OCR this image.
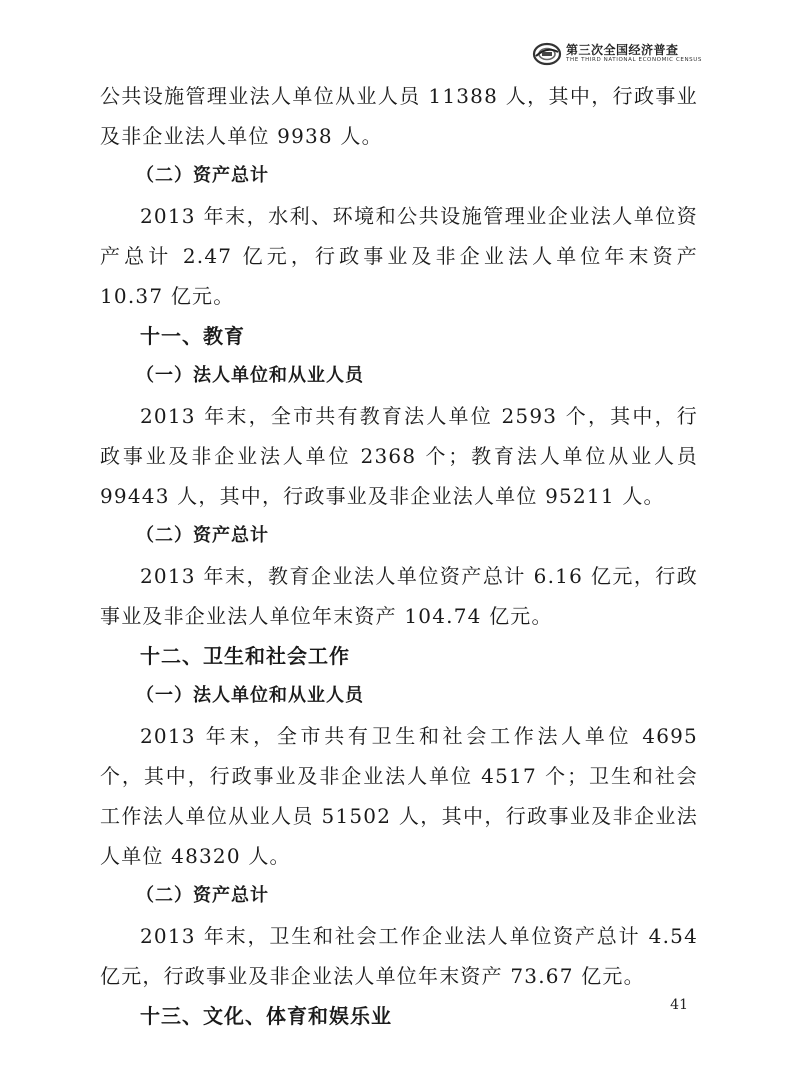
第三次全国经济普查
THE THIRD NATIONAL ECONOMIC CENSUS

公共设施管理业法人单位从业人员 11388 人，其中，行政事业及非企业法人单位 9938 人。

（二）资产总计

2013 年末，水利、环境和公共设施管理业企业法人单位资产总计 2.47 亿元，行政事业及非企业法人单位年末资产 10.37 亿元。

十一、教育
（一）法人单位和从业人员

2013 年末，全市共有教育法人单位 2593 个，其中，行政事业及非企业法人单位 2368 个；教育法人单位从业人员 99443 人，其中，行政事业及非企业法人单位 95211 人。

（二）资产总计

2013 年末，教育企业法人单位资产总计 6.16 亿元，行政事业及非企业法人单位年末资产 104.74 亿元。

十二、卫生和社会工作
（一）法人单位和从业人员

2013 年末，全市共有卫生和社会工作法人单位 4695 个，其中，行政事业及非企业法人单位 4517 个；卫生和社会工作法人单位从业人员 51502 人，其中，行政事业及非企业法人单位 48320 人。

（二）资产总计

2013 年末，卫生和社会工作企业法人单位资产总计 4.54 亿元，行政事业及非企业法人单位年末资产 73.67 亿元。

十三、文化、体育和娱乐业	41
